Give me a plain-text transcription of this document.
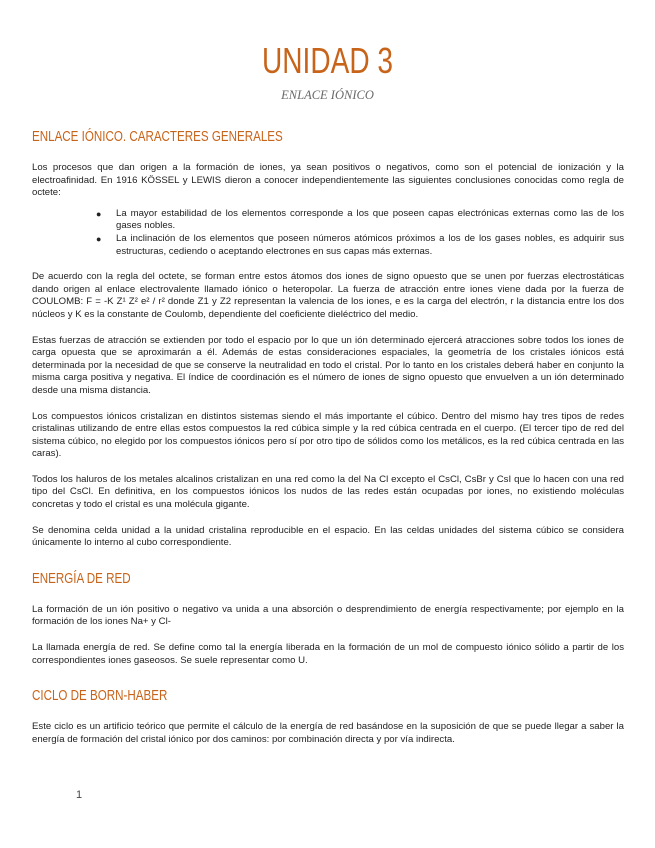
UNIDAD 3
ENLACE IÓNICO
ENLACE IÓNICO. CARACTERES GENERALES

Los procesos que dan origen a la formación de iones, ya sean positivos o negativos, como son el potencial de ionización y la electroafinidad. En 1916 KÖSSEL y LEWIS dieron a conocer independientemente las siguientes conclusiones conocidas como regla de octete:

● La mayor estabilidad de los elementos corresponde a los que poseen capas electrónicas externas como las de los gases nobles.
● La inclinación de los elementos que poseen números atómicos próximos a los de los gases nobles, es adquirir sus estructuras, cediendo o aceptando electrones en sus capas más externas.

De acuerdo con la regla del octete, se forman entre estos átomos dos iones de signo opuesto que se unen por fuerzas electrostáticas dando origen al enlace electrovalente llamado iónico o heteropolar. La fuerza de atracción entre iones viene dada por la fuerza de COULOMB: F = -K Z¹ Z² e² / r² donde Z1 y Z2 representan la valencia de los iones, e es la carga del electrón, r la distancia entre los dos núcleos y K es la constante de Coulomb, dependiente del coeficiente dieléctrico del medio.

Estas fuerzas de atracción se extienden por todo el espacio por lo que un ión determinado ejercerá atracciones sobre todos los iones de carga opuesta que se aproximarán a él. Además de estas consideraciones espaciales, la geometría de los cristales iónicos está determinada por la necesidad de que se conserve la neutralidad en todo el cristal. Por lo tanto en los cristales deberá haber en conjunto la misma carga positiva y negativa. El índice de coordinación es el número de iones de signo opuesto que envuelven a un ión determinado desde una misma distancia.

Los compuestos iónicos cristalizan en distintos sistemas siendo el más importante el cúbico. Dentro del mismo hay tres tipos de redes cristalinas utilizando de entre ellas estos compuestos la red cúbica simple y la red cúbica centrada en el cuerpo. (El tercer tipo de red del sistema cúbico, no elegido por los compuestos iónicos pero sí por otro tipo de sólidos como los metálicos, es la red cúbica centrada en las caras).

Todos los haluros de los metales alcalinos cristalizan en una red como la del Na Cl excepto el CsCl, CsBr y CsI que lo hacen con una red tipo del CsCl. En definitiva, en los compuestos iónicos los nudos de las redes están ocupadas por iones, no existiendo moléculas concretas y todo el cristal es una molécula gigante.

Se denomina celda unidad a la unidad cristalina reproducible en el espacio. En las celdas unidades del sistema cúbico se considera únicamente lo interno al cubo correspondiente.

ENERGÍA DE RED

La formación de un ión positivo o negativo va unida a una absorción o desprendimiento de energía respectivamente; por ejemplo en la formación de los iones Na+ y Cl-

La llamada energía de red. Se define como tal la energía liberada en la formación de un mol de compuesto iónico sólido a partir de los correspondientes iones gaseosos. Se suele representar como U.

CICLO DE BORN-HABER

Este ciclo es un artificio teórico que permite el cálculo de la energía de red basándose en la suposición de que se puede llegar a saber la energía de formación del cristal iónico por dos caminos: por combinación directa y por vía indirecta.

1
